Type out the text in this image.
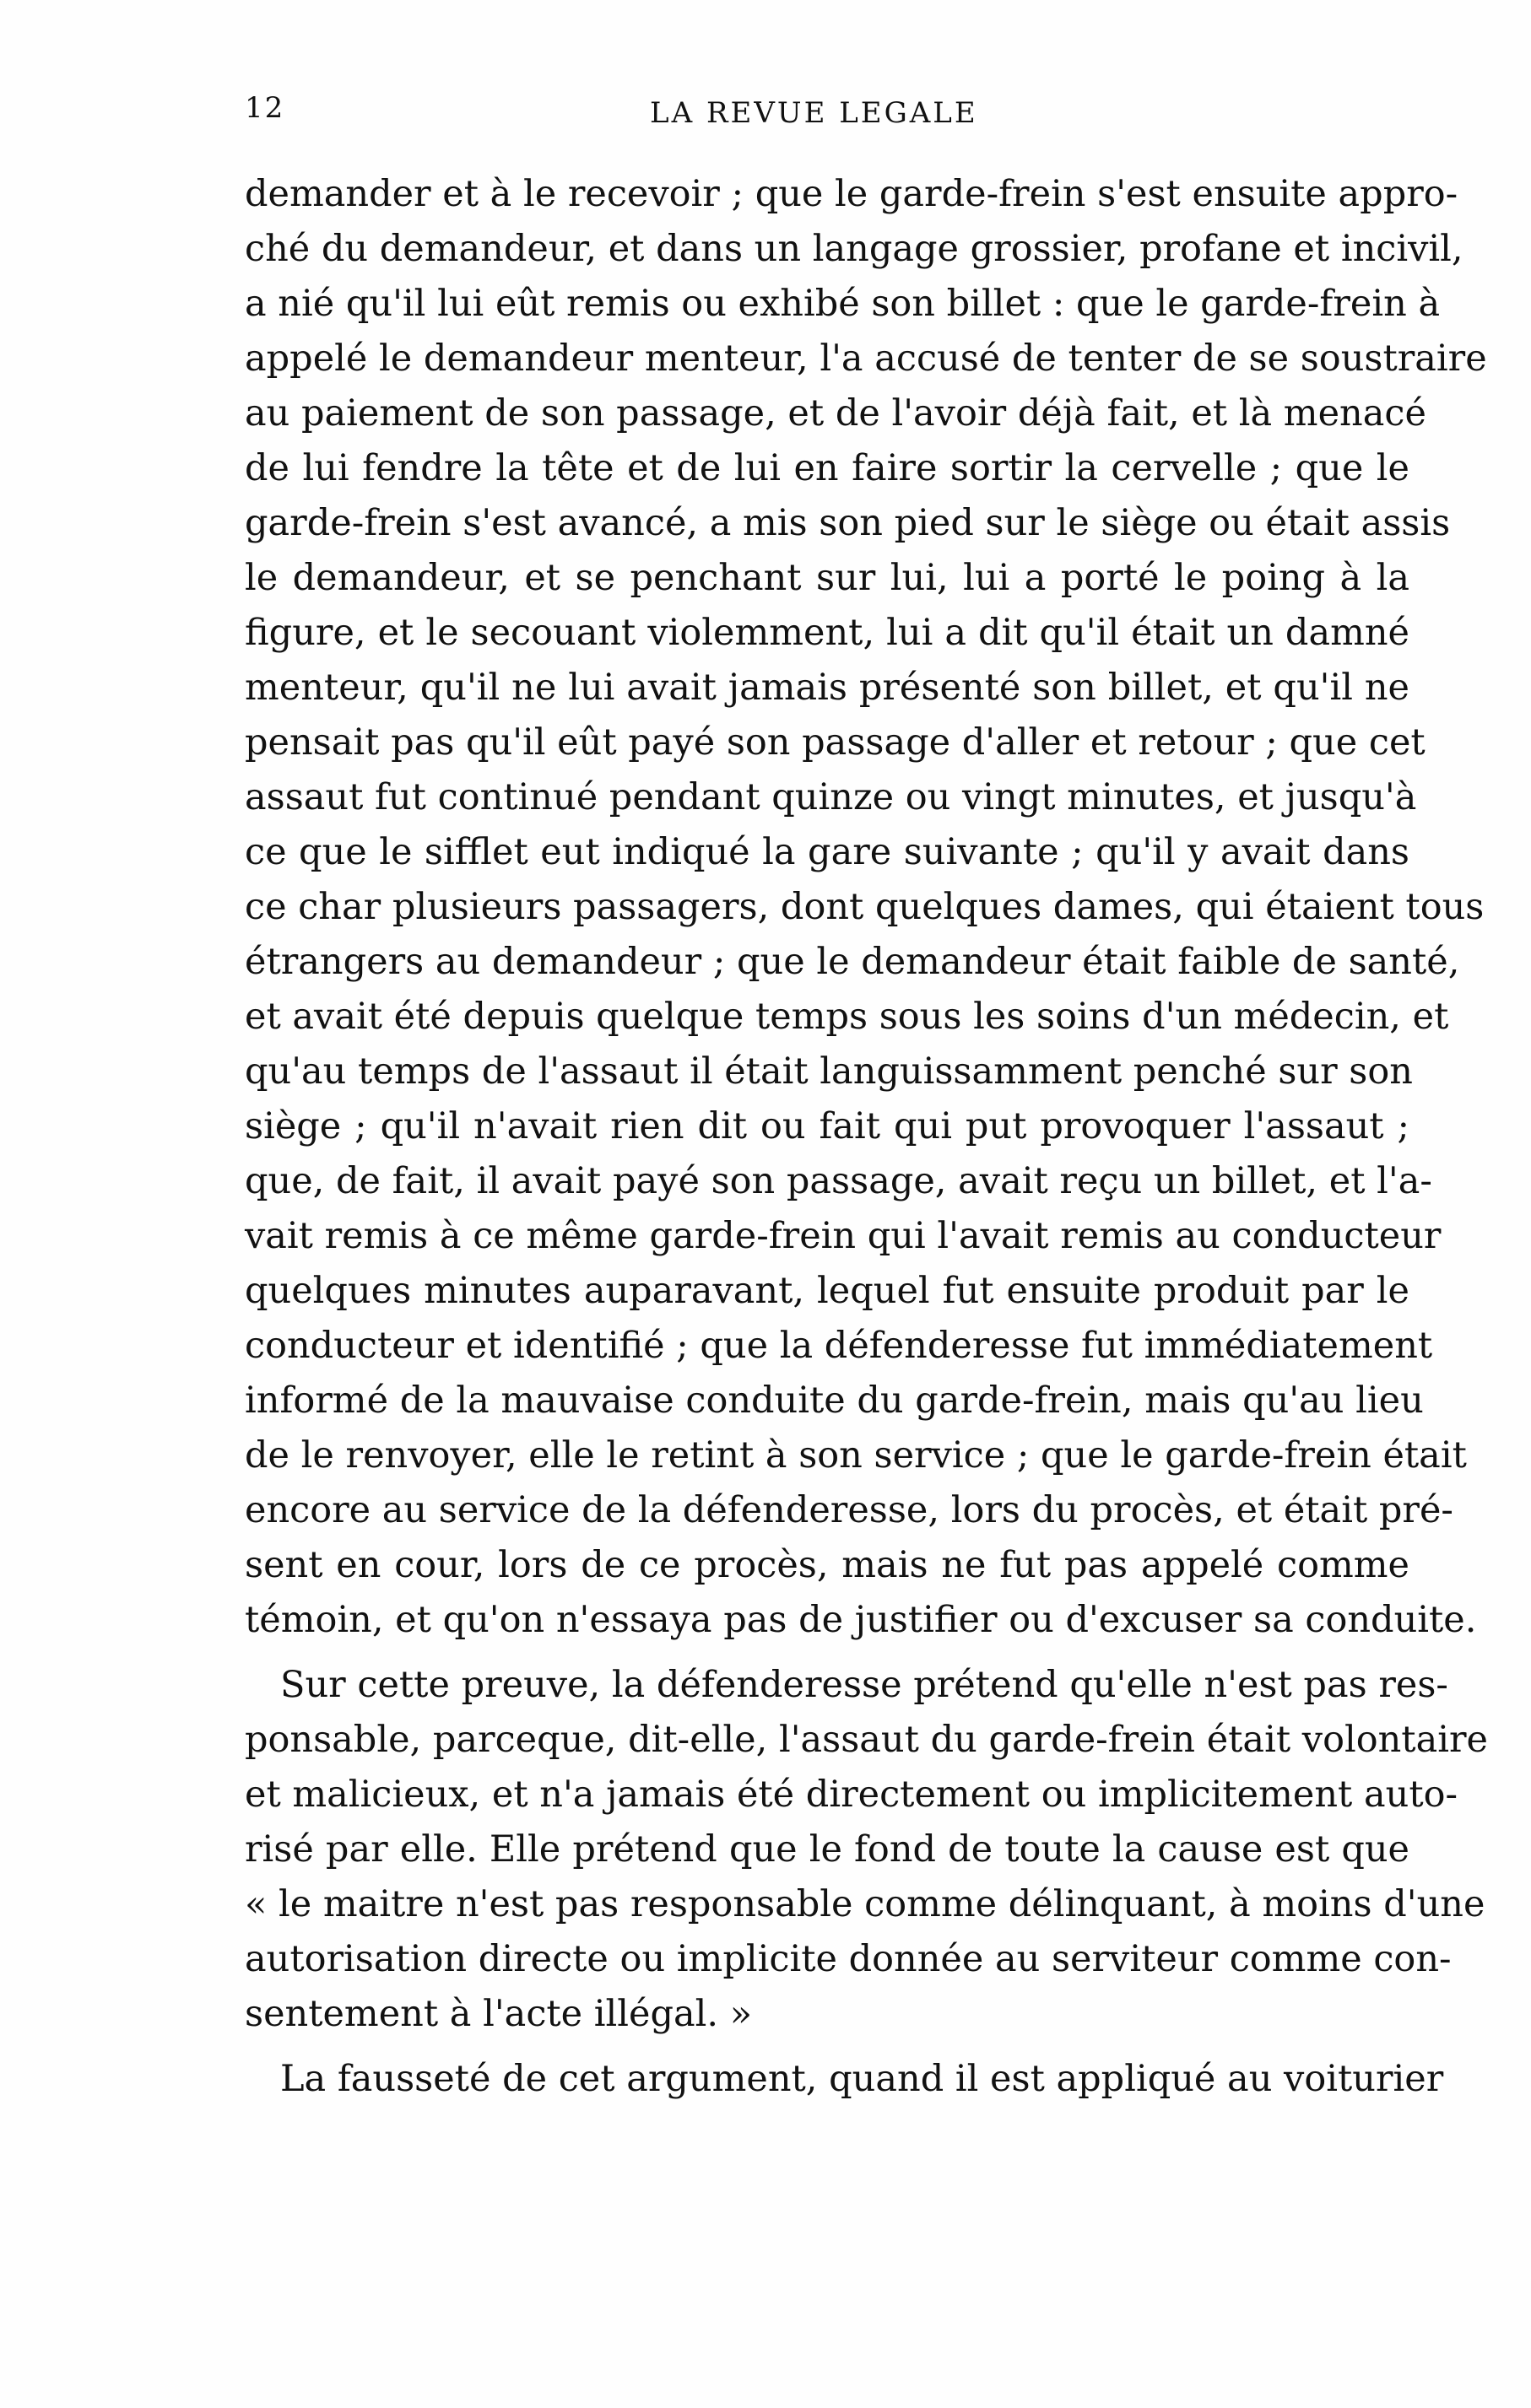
12	LA REVUE LEGALE
demander et à le recevoir ; que le garde-frein s'est ensuite appro-
ché du demandeur, et dans un langage grossier, profane et incivil,
a nié qu'il lui eût remis ou exhibé son billet : que le garde-frein à
appelé le demandeur menteur, l'a accusé de tenter de se soustraire
au paiement de son passage, et de l'avoir déjà fait, et là menacé
de lui fendre la tête et de lui en faire sortir la cervelle ; que le
garde-frein s'est avancé, a mis son pied sur le siège ou était assis
le demandeur, et se penchant sur lui, lui a porté le poing à la
figure, et le secouant violemment, lui a dit qu'il était un damné
menteur, qu'il ne lui avait jamais présenté son billet, et qu'il ne
pensait pas qu'il eût payé son passage d'aller et retour ; que cet
assaut fut continué pendant quinze ou vingt minutes, et jusqu'à
ce que le sifflet eut indiqué la gare suivante ; qu'il y avait dans
ce char plusieurs passagers, dont quelques dames, qui étaient tous
étrangers au demandeur ; que le demandeur était faible de santé,
et avait été depuis quelque temps sous les soins d'un médecin, et
qu'au temps de l'assaut il était languissamment penché sur son
siège ; qu'il n'avait rien dit ou fait qui put provoquer l'assaut ;
que, de fait, il avait payé son passage, avait reçu un billet, et l'a-
vait remis à ce même garde-frein qui l'avait remis au conducteur
quelques minutes auparavant, lequel fut ensuite produit par le
conducteur et identifié ; que la défenderesse fut immédiatement
informé de la mauvaise conduite du garde-frein, mais qu'au lieu
de le renvoyer, elle le retint à son service ; que le garde-frein était
encore au service de la défenderesse, lors du procès, et était pré-
sent en cour, lors de ce procès, mais ne fut pas appelé comme
témoin, et qu'on n'essaya pas de justifier ou d'excuser sa conduite.
Sur cette preuve, la défenderesse prétend qu'elle n'est pas res-
ponsable, parceque, dit-elle, l'assaut du garde-frein était volontaire
et malicieux, et n'a jamais été directement ou implicitement auto-
risé par elle. Elle prétend que le fond de toute la cause est que
« le maitre n'est pas responsable comme délinquant, à moins d'une
autorisation directe ou implicite donnée au serviteur comme con-
sentement à l'acte illégal. »
La fausseté de cet argument, quand il est appliqué au voiturier
